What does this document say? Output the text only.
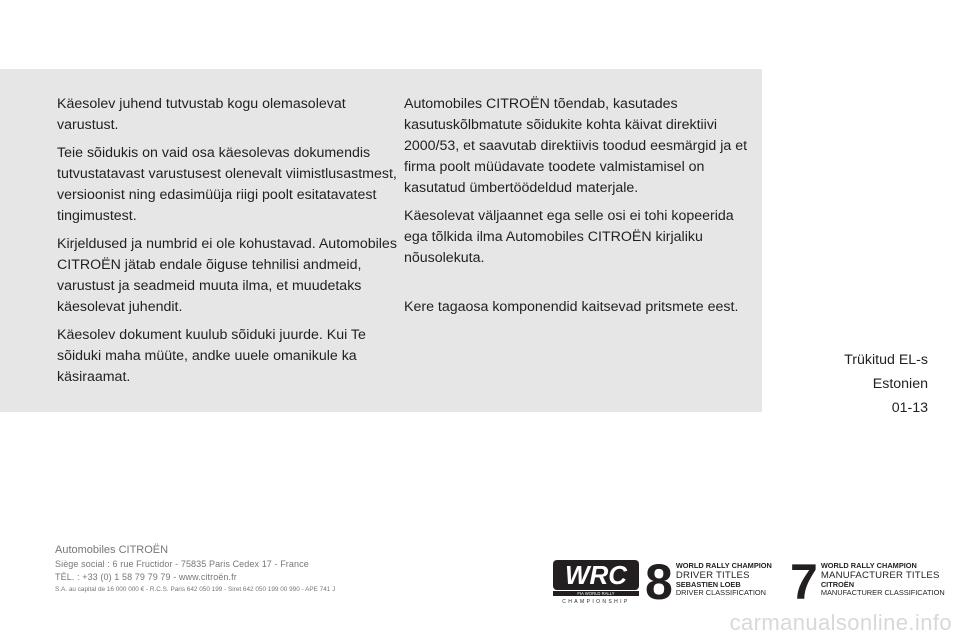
Käesolev juhend tutvustab kogu olemasolevat varustust.

Teie sõidukis on vaid osa käesolevas dokumendis tutvustatavast varustusest olenevalt viimistlusastmest, versioonist ning edasimüüja riigi poolt esitatavatest tingimustest.

Kirjeldused ja numbrid ei ole kohustavad. Automobiles CITROËN jätab endale õiguse tehnilisi andmeid, varustust ja seadmeid muuta ilma, et muudetaks käesolevat juhendit.

Käesolev dokument kuulub sõiduki juurde. Kui Te sõiduki maha müüte, andke uuele omanikule ka käsiraamat.

Automobiles CITROËN tõendab, kasutades kasutuskõlbmatute sõidukite kohta käivat direktiivi 2000/53, et saavutab direktiivis toodud eesmärgid ja et firma poolt müüdavate toodete valmistamisel on kasutatud ümbertöödeldud materjale.

Käesolevat väljaannet ega selle osi ei tohi kopeerida ega tõlkida ilma Automobiles CITROËN kirjaliku nõusolekuta.

Kere tagaosa komponendid kaitsevad pritsmete eest.

Trükitud EL-s
Estonien
01-13
Automobiles CITROËN
Siège social : 6 rue Fructidor - 75835 Paris Cedex 17 - France
TÉL. : +33 (0) 1 58 79 79 79 - www.citroën.fr
S.A. au capital de 16 000 000 € - R.C.S. Paris 642 050 199 - Siret 642 050 199 00 990 - APE 741 J	WRC
FIA WORLD RALLY
CHAMPIONSHIP 8 WORLD RALLY CHAMPION
DRIVER TITLES
SEBASTIEN LOEB
DRIVER CLASSIFICATION 7 WORLD RALLY CHAMPION
MANUFACTURER TITLES
CITROËN
MANUFACTURER CLASSIFICATION
carmanualsonline.info
